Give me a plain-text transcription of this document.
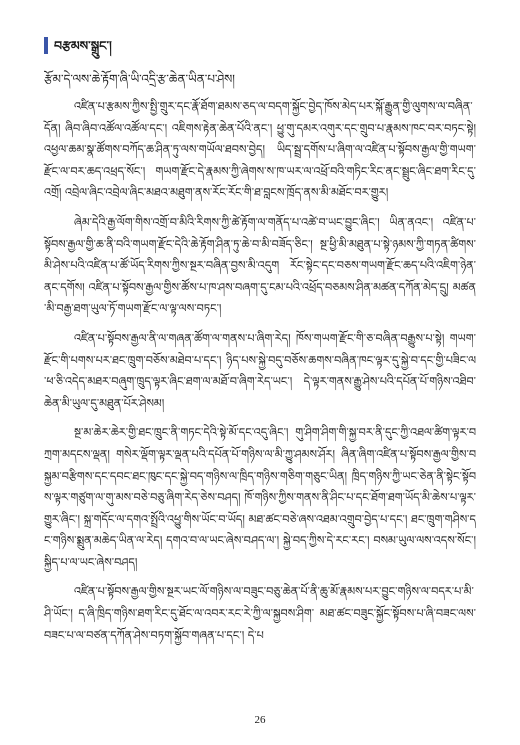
བརྩམས་སྒྲུང་།
རྩོམ་དེ་ལས་ཆེ་རྟོག་ཞི་ཡི་འདྲི་རྩ་ཆེན་ཡིན་པ་ཤེས།

འཛིན་པ་རྩམས་ཀྱིས་སྤྱི་གྲུར་དང་རྣོ་ཐོག་ཐམས་ཅད་ལ་བདག་སྐྱོང་བྱེད་ཁོས་མེད་པར་སྐོ་རྒྱུན་གྱི་ལུགས་ལ་བཞིན་དོན། ཞིབ་ཞིབ་འཚོལ་འཚོལ་དང་། འཇིགས་རྟེན་ཆེན་པོའི་ནང་། ཕྱུ་གུ་དམར་འགུར་དང་གྲུབ་པ་རྣམས་ཁང་བར་བཏང་སྟེ། འཕྱལ་ཆམ་སྣ་ཚོགས་བཀོད་ཆ་ཤིན་ཏུ་ལས་གཡོལ་ཐབས་བྱེད། ཡིད་སྦྲ་དགོས་པ་ཞིག་ལ་འཛིན་པ་སྟོབས་རྒྱལ་གྱི་གཡག་རྫོང་ལ་བར་ཆད་འཕྲད་སོང་། གཡག་རྫོང་དེ་རྣམས་ཀྱི་ཞེགས་ས་ཁ་ཡར་ལ་འཕྲོ་བའི་གཏིང་རིང་ནང་སྦྲུང་ཞིང་ཐག་རིང་དུ་འགྲོ། འབྲེལ་ཞིང་འབྲེལ་ཞིང་མཐའ་མཐུག་ནས་རོང་རོང་གི་ཐ་བླངས་ཁྲོད་ནས་མི་མཐོང་བར་གྱུར།

ཞེམ་དེའི་རྒྱ་ལོག་གིས་འགྲོ་བ་མིའི་རིགས་ཀྱི་ཚེ་རྟོག་ལ་གནོད་པ་འཚེ་བ་ཡང་བྱུང་ཞིང་། ཡིན་ནའང་། འཛིན་པ་སྟོབས་རྒྱལ་གྱི་ཆ་ནི་བའི་གཡག་རྫོང་དེའི་ཆེ་རྟོག་ཤིན་ཏུ་ཆེ་བ་མི་བཟོད་ཅིང་། སྔ་ཕྱི་མི་མཐུན་པ་སྟེ་ཉམས་ཀྱི་གཏན་ཚིགས་མི་ཤེས་པའི་འཛིན་པ་ཚོ་ཡོད་རིགས་ཀྱིས་སྔར་བཞིན་བྱས་མི་འདུག རོང་སྟེང་དང་བཅས་གཡག་རྫོང་ཆད་པའི་འཇིག་ཉེན་ནང་དགོས། འཛིན་པ་སྟོབས་རྒྱལ་གྱིས་ཚོས་པ་ཁ་ཤས་བཞག་དུ་ངམ་པའི་འཕྲོད་བཅམས་ཤིན་མཚན་དཀོན་མེད་དྲུ། མཚན་མི་བརྒྱ་ཐག་ཡུལ་ཏོ་གཡག་རྫོང་ལ་ལྟ་ལས་བཏང་།

འཛིན་པ་སྟོབས་རྒྱལ་ནི་ལ་གཞན་ཚོག་ལ་གནས་པ་ཞིག་རེད། ཁོས་གཡག་རྫོང་གི་ཅ་བཞིན་བརྒྱུས་པ་སྟེ། གཡག་རྫོང་གི་པགས་པར་ཐང་ཁྲུག་བཅོས་མཐེབ་པ་དང་། ཉིད་པས་སྐྱེ་བདུ་བཅོས་ཆགས་བཞིན་ཁང་ལྟར་དུ་སྐྱེ་བ་དང་གྱི་པཟིང་ལ་ཕ་ཅི་འདེད་མཐར་བཞུག་ཁྲུད་ལྟར་ཞིང་ཐག་ལ་མཐོ་བ་ཞིག་རེད་ཡང་། དེ་ལྟར་གནས་རྒྱུ་ཤེས་པའི་དཔོན་པོ་གཉིས་འཐིབ་ཆེན་མི་ཡུལ་དུ་མཐུན་པོར་ཤེསམ།

སྔ་མ་ཆེར་ཆེར་གྱི་ཐང་ཁྲུང་ནི་གཏང་དེའི་སྟེ་མོ་དང་འདུ་ཞིང་། གུ་ཤིག་ཤིག་གི་སྐྱ་བར་ནི་དུང་ཀྱི་འཐལ་ཚིག་ལྟར་བཀྲག་མདངས་ལྡན། གསེར་ལྡོག་ལྟར་ལྡན་པའི་དཔོན་པོ་གཉིས་ལ་མི་ཀྱུ་ཤམས་ཤོར། ཞིན་ཞིག་འཛིན་པ་སྟོབས་རྒྱལ་གྱིས་བསྐྱམ་བརྩིགས་དང་དབང་ཐང་ཁུང་དང་སྐྱེ་བད་གཉིས་ལ་ཁྲིད་གཉིས་གཅིག་གཅུང་ཡིན། ཁྲིད་གཉིས་ཀྱི་ཡང་ཅེན་ནི་སྟེང་སྟོབས་ལྟར་གཙུག་ལ་གུ་མས་བཅེ་བཅུ་ཞིག་རེད་ཅེས་བཤད། ཁོ་གཉིས་ཀྱིས་གནས་ནི་ཤིང་པ་དང་ཐོག་ཐག་ཡོད་མི་ཆེས་པ་ལྟར་གྱུར་ཞིང་། སྐྲ་གདོང་ལ་དགའ་སྤྲོའི་འཕྱུ་གིས་ཡོང་བ་ཡོད། མཐ་ཚང་བཅེ་ཞས་འཐམ་འགྲུབ་བྱེད་པ་དང་། ཐང་ཁྲུག་གཤིས་དང་གཉིས་སྨྲུན་མཆེད་ཡིན་ལ་རེད། དགའ་བ་ལ་ཡང་ཞེས་བཤད་ལ་། སྐྱེ་བད་ཀྱིས་དེ་རང་རང་། བསམ་ཡུལ་ལས་འདས་སོང་། སྐྱིད་པ་ལ་ཡང་ཞེས་བཤད།

འཛིན་པ་སྟོབས་རྒྱལ་གྱིས་སྔར་ཡང་ལོ་གཉིས་ལ་བཟུང་བཅུ་ཆེན་པོ་ནི་ཆུ་མོ་རྣམས་པར་བྱུང་གཉིས་ལ་བདར་པ་མི་ཤི་ཡོང་། ད་ཞི་ཁྲིད་གཉིས་ཐག་རིང་དུ་ཐོང་ལ་འབར་རང་རེ་ཀྱི་ལ་སྐྱབས་ཤིག་ མཐ་ཚང་བཟུང་སྐྱོང་སྟོབས་པ་ཞི་བཟང་ལས་བཟང་པ་ལ་བཙན་དཀོན་ཤེས་བཏག་སྐྱོབ་གཞན་པ་དང་། དེ་པ

26
